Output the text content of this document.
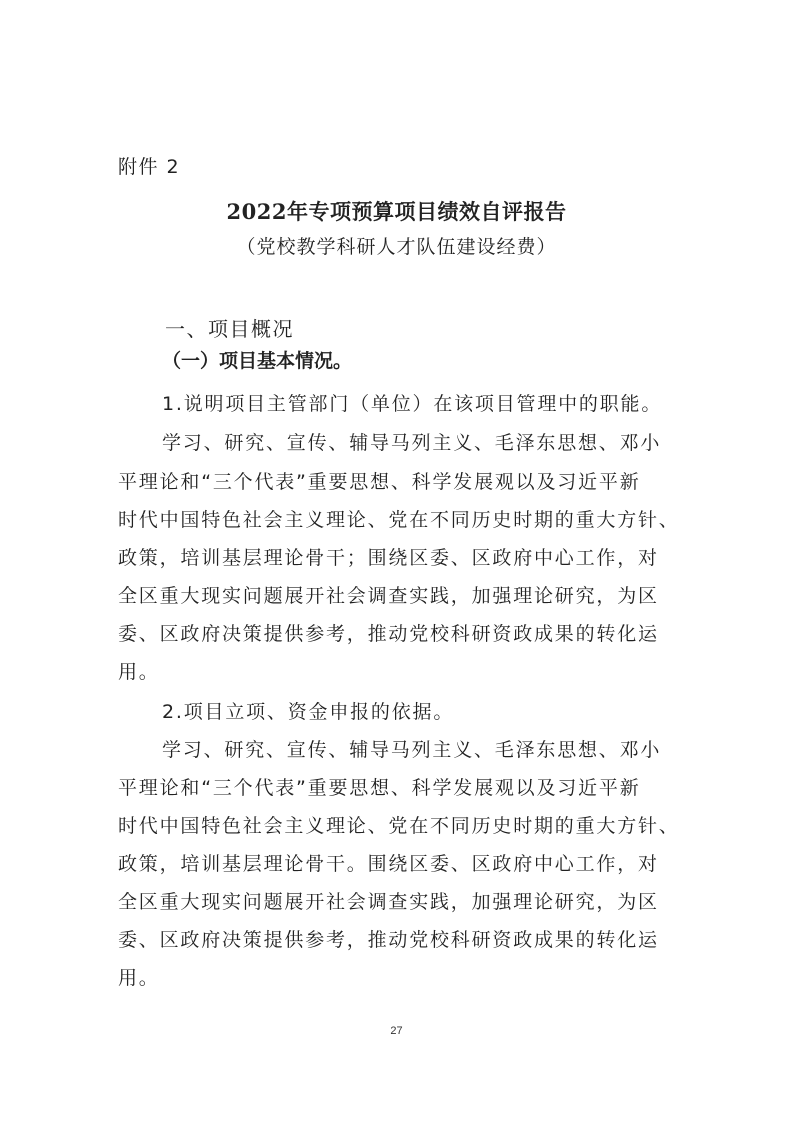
附件 2
2022年专项预算项目绩效自评报告
（党校教学科研人才队伍建设经费）
一、项目概况
（一）项目基本情况。
1.说明项目主管部门（单位）在该项目管理中的职能。
学习、研究、宣传、辅导马列主义、毛泽东思想、邓小
平理论和“三个代表”重要思想、科学发展观以及习近平新
时代中国特色社会主义理论、党在不同历史时期的重大方针、
政策，培训基层理论骨干；围绕区委、区政府中心工作，对
全区重大现实问题展开社会调查实践，加强理论研究，为区
委、区政府决策提供参考，推动党校科研资政成果的转化运
用。
2.项目立项、资金申报的依据。
学习、研究、宣传、辅导马列主义、毛泽东思想、邓小
平理论和“三个代表”重要思想、科学发展观以及习近平新
时代中国特色社会主义理论、党在不同历史时期的重大方针、
政策，培训基层理论骨干。围绕区委、区政府中心工作，对
全区重大现实问题展开社会调查实践，加强理论研究，为区
委、区政府决策提供参考，推动党校科研资政成果的转化运
用。
27
